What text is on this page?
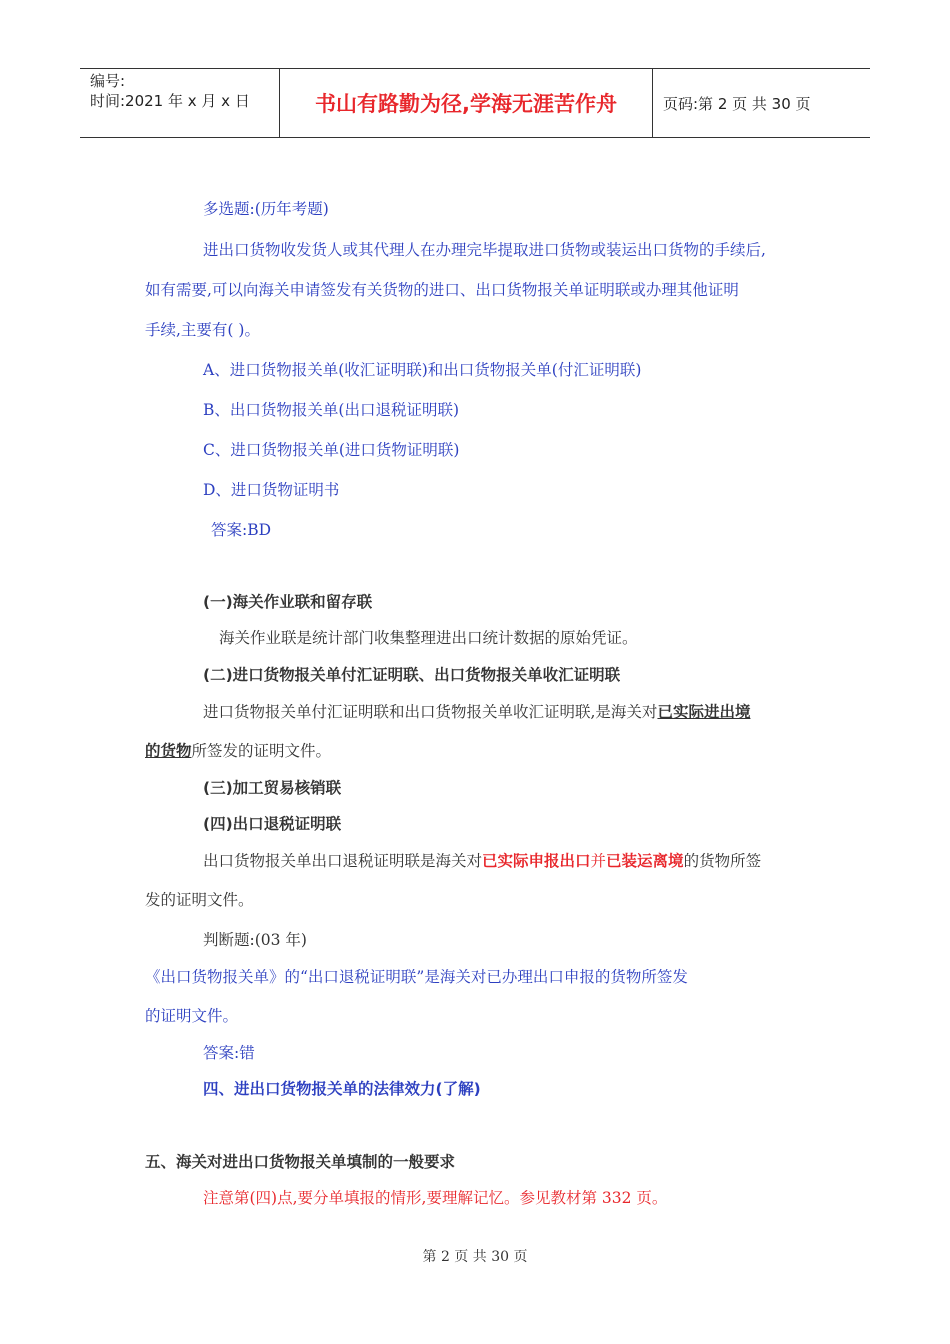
编号:
时间:2021 年 x 月 x 日	书山有路勤为径,学海无涯苦作舟	页码:第 2 页 共 30 页
多选题:(历年考题)
进出口货物收发货人或其代理人在办理完毕提取进口货物或装运出口货物的手续后,
如有需要,可以向海关申请签发有关货物的进口、出口货物报关单证明联或办理其他证明
手续,主要有( )。
A、进口货物报关单(收汇证明联)和出口货物报关单(付汇证明联)
B、出口货物报关单(出口退税证明联)
C、进口货物报关单(进口货物证明联)
D、进口货物证明书
答案:BD
(一)海关作业联和留存联
海关作业联是统计部门收集整理进出口统计数据的原始凭证。
(二)进口货物报关单付汇证明联、出口货物报关单收汇证明联
进口货物报关单付汇证明联和出口货物报关单收汇证明联,是海关对已实际进出境
的货物所签发的证明文件。
(三)加工贸易核销联
(四)出口退税证明联
出口货物报关单出口退税证明联是海关对已实际申报出口并已装运离境的货物所签
发的证明文件。
判断题:(03 年)
《出口货物报关单》的“出口退税证明联”是海关对已办理出口申报的货物所签发
的证明文件。
答案:错
四、进出口货物报关单的法律效力(了解)
五、海关对进出口货物报关单填制的一般要求
注意第(四)点,要分单填报的情形,要理解记忆。参见教材第 332 页。
第 2 页 共 30 页
